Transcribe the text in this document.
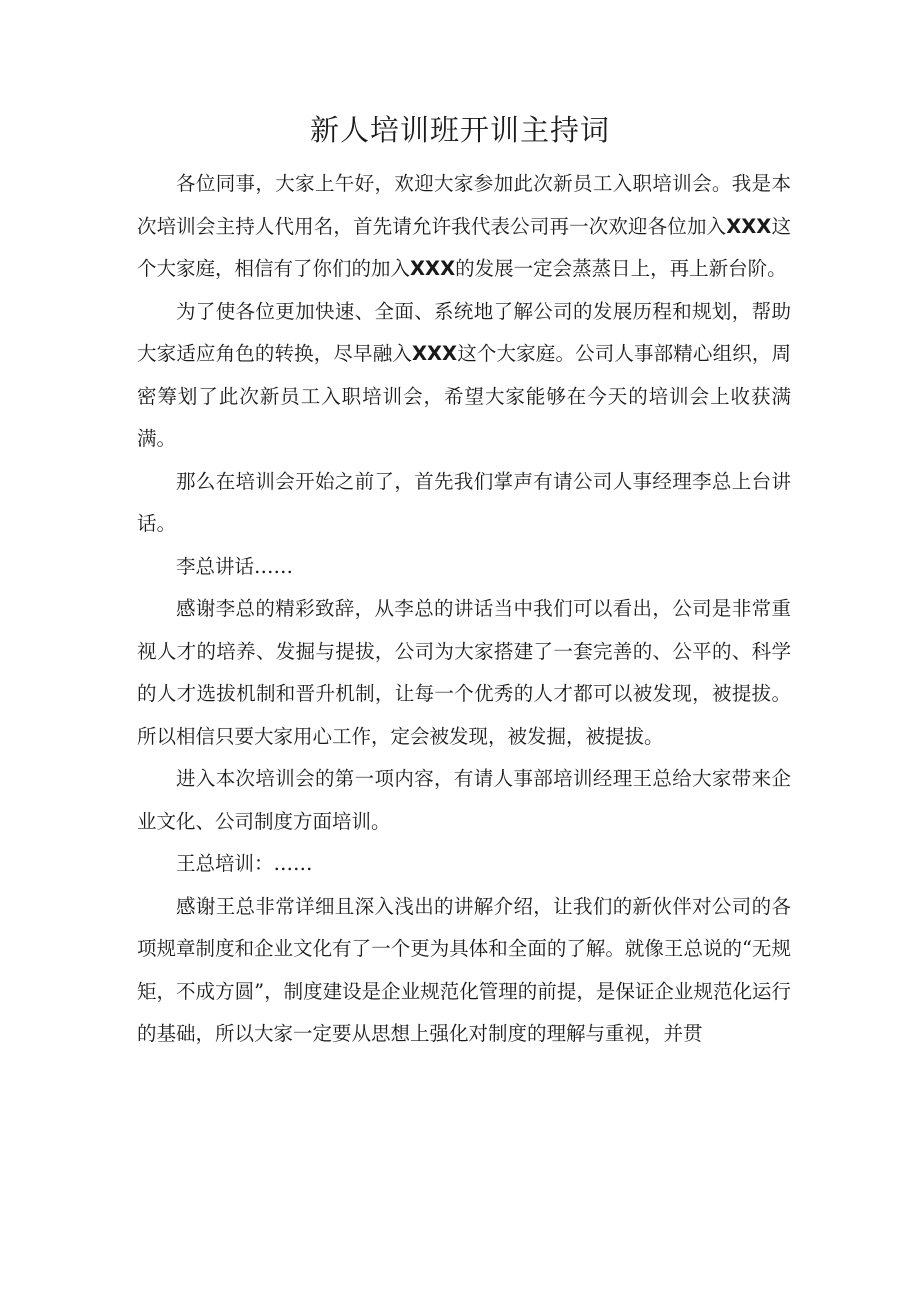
新人培训班开训主持词

各位同事，大家上午好，欢迎大家参加此次新员工入职培训会。我是本次培训会主持人代用名，首先请允许我代表公司再一次欢迎各位加入XXX这个大家庭，相信有了你们的加入XXX的发展一定会蒸蒸日上，再上新台阶。

为了使各位更加快速、全面、系统地了解公司的发展历程和规划，帮助大家适应角色的转换，尽早融入XXX这个大家庭。公司人事部精心组织，周密筹划了此次新员工入职培训会，希望大家能够在今天的培训会上收获满满。

那么在培训会开始之前了，首先我们掌声有请公司人事经理李总上台讲话。

李总讲话……

感谢李总的精彩致辞，从李总的讲话当中我们可以看出，公司是非常重视人才的培养、发掘与提拔，公司为大家搭建了一套完善的、公平的、科学的人才选拔机制和晋升机制，让每一个优秀的人才都可以被发现，被提拔。所以相信只要大家用心工作，定会被发现，被发掘，被提拔。

进入本次培训会的第一项内容，有请人事部培训经理王总给大家带来企业文化、公司制度方面培训。

王总培训：……

感谢王总非常详细且深入浅出的讲解介绍，让我们的新伙伴对公司的各项规章制度和企业文化有了一个更为具体和全面的了解。就像王总说的“无规矩，不成方圆”，制度建设是企业规范化管理的前提，是保证企业规范化运行的基础，所以大家一定要从思想上强化对制度的理解与重视，并贯
